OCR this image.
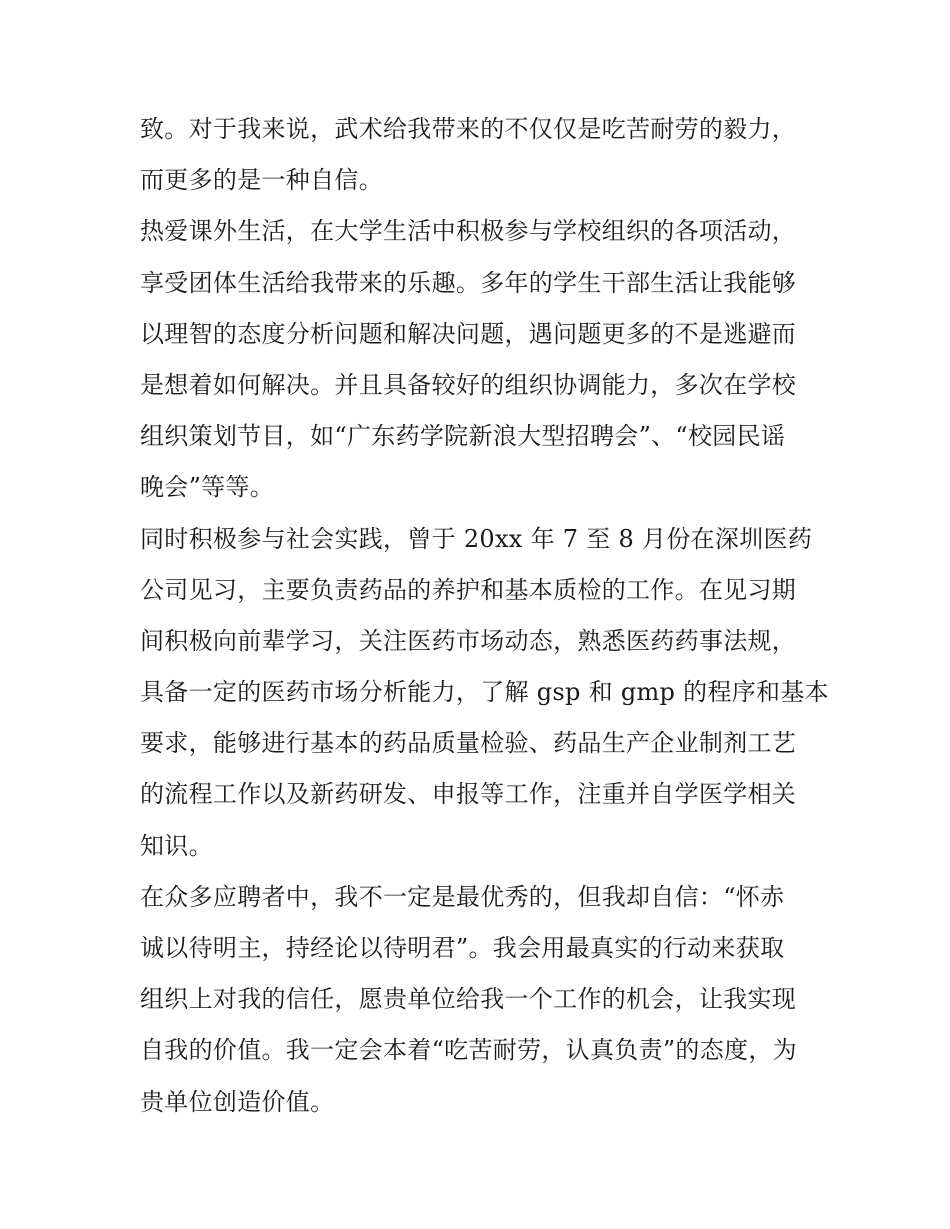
致。对于我来说，武术给我带来的不仅仅是吃苦耐劳的毅力，
而更多的是一种自信。
热爱课外生活，在大学生活中积极参与学校组织的各项活动，
享受团体生活给我带来的乐趣。多年的学生干部生活让我能够
以理智的态度分析问题和解决问题，遇问题更多的不是逃避而
是想着如何解决。并且具备较好的组织协调能力，多次在学校
组织策划节目，如“广东药学院新浪大型招聘会”、“校园民谣
晚会”等等。
同时积极参与社会实践，曾于 20xx 年 7 至 8 月份在深圳医药
公司见习，主要负责药品的养护和基本质检的工作。在见习期
间积极向前辈学习，关注医药市场动态，熟悉医药药事法规，
具备一定的医药市场分析能力，了解 gsp 和 gmp 的程序和基本
要求，能够进行基本的药品质量检验、药品生产企业制剂工艺
的流程工作以及新药研发、申报等工作，注重并自学医学相关
知识。
在众多应聘者中，我不一定是最优秀的，但我却自信：“怀赤
诚以待明主，持经论以待明君”。我会用最真实的行动来获取
组织上对我的信任，愿贵单位给我一个工作的机会，让我实现
自我的价值。我一定会本着“吃苦耐劳，认真负责”的态度，为
贵单位创造价值。
